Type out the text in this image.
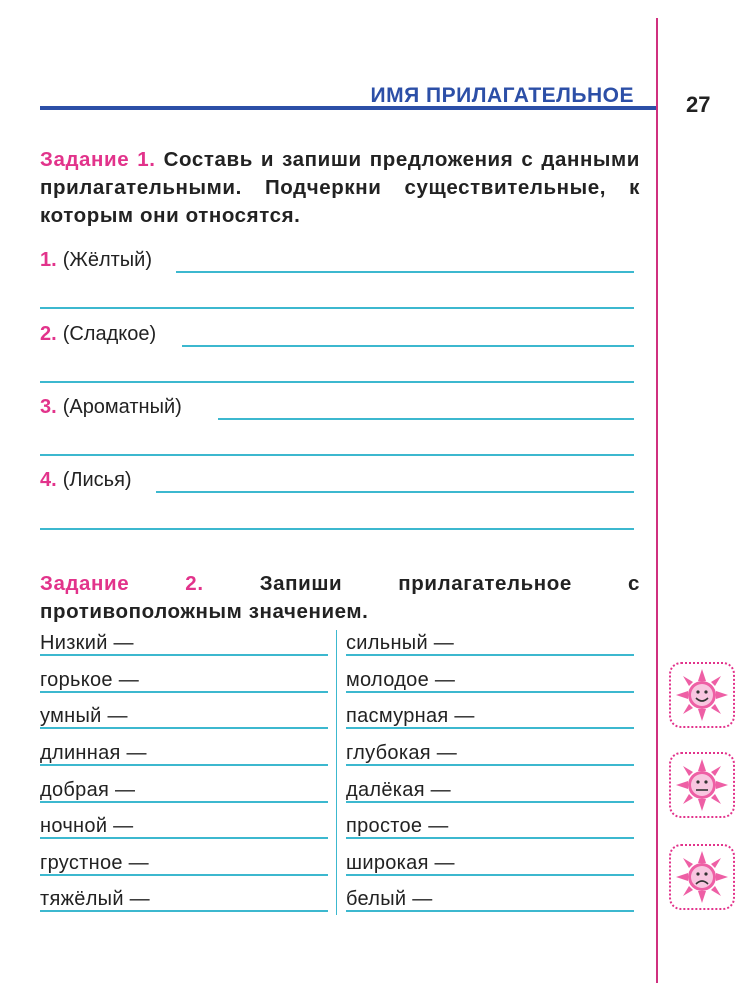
ИМЯ ПРИЛАГАТЕЛЬНОЕ 27
Задание 1. Составь и запиши предложения с данными прилагательными. Подчеркни существительные, к которым они относятся.
1. (Жёлтый)
2. (Сладкое)
3. (Ароматный)
4. (Лисья)
Задание 2.	Запиши прилагательное с противоположным значением.
Низкий —
горькое —
умный —
длинная —
добрая —
ночной —
грустное —
тяжёлый —
сильный —
молодое —
пасмурная —
глубокая —
далёкая —
простое —
широкая —
белый —
